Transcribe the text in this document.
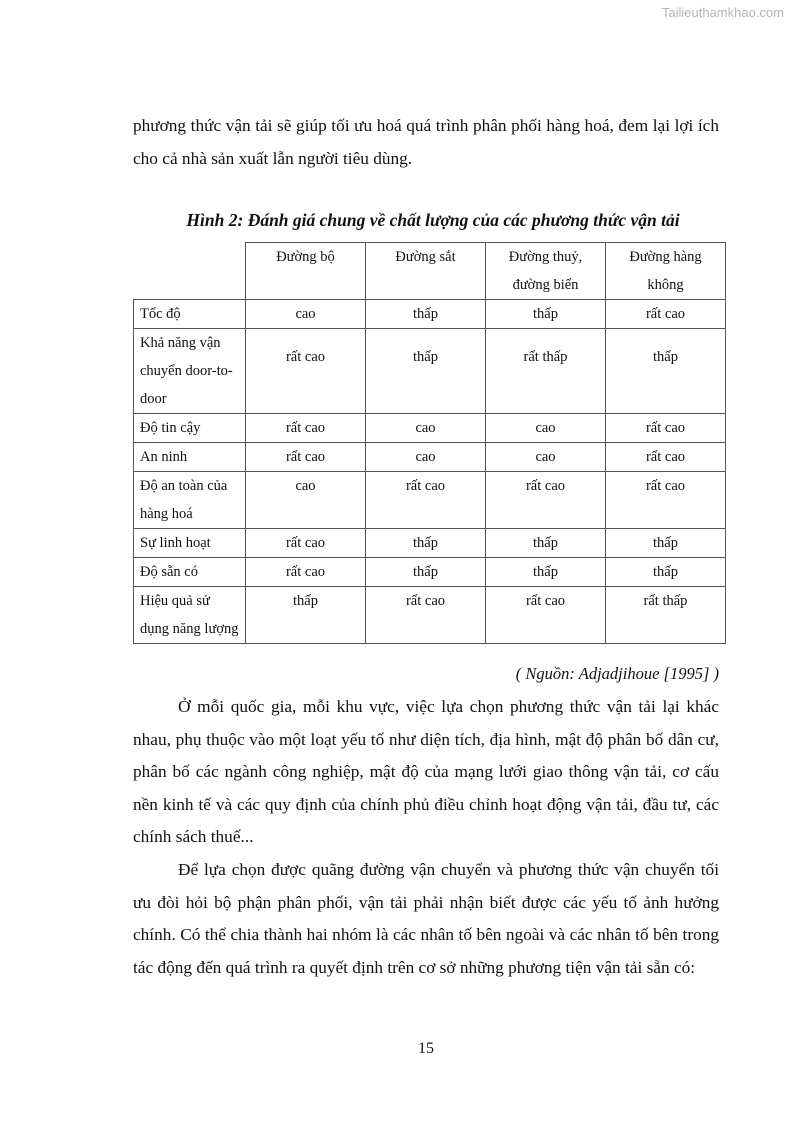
Tailieuthamkhao.com

phương thức vận tải sẽ giúp tối ưu hoá quá trình phân phối hàng hoá, đem lại lợi ích cho cả nhà sản xuất lẫn người tiêu dùng.

Hình 2: Đánh giá chung về chất lượng của các phương thức vận tải
	Đường bộ	Đường sắt	Đường thuỷ, đường biển	Đường hàng không
Tốc độ	cao	thấp	thấp	rất cao
Khả năng vận chuyển door-to-door	rất cao	thấp	rất thấp	thấp
Độ tin cậy	rất cao	cao	cao	rất cao
An ninh	rất cao	cao	cao	rất cao
Độ an toàn của hàng hoá	cao	rất cao	rất cao	rất cao
Sự linh hoạt	rất cao	thấp	thấp	thấp
Độ sẵn có	rất cao	thấp	thấp	thấp
Hiệu quả sử dụng năng lượng	thấp	rất cao	rất cao	rất thấp
( Nguồn: Adjadjihoue [1995] )

Ở mỗi quốc gia, mỗi khu vực, việc lựa chọn phương thức vận tải lại khác nhau, phụ thuộc vào một loạt yếu tố như diện tích, địa hình, mật độ phân bố dân cư, phân bố các ngành công nghiệp, mật độ của mạng lưới giao thông vận tải, cơ cấu nền kinh tế và các quy định của chính phủ điều chỉnh hoạt động vận tải, đầu tư, các chính sách thuế...

Để lựa chọn được quãng đường vận chuyển và phương thức vận chuyển tối ưu đòi hỏi bộ phận phân phối, vận tải phải nhận biết được các yếu tố ảnh hưởng chính. Có thể chia thành hai nhóm là các nhân tố bên ngoài và các nhân tố bên trong tác động đến quá trình ra quyết định trên cơ sở những phương tiện vận tải sẵn có:

15
